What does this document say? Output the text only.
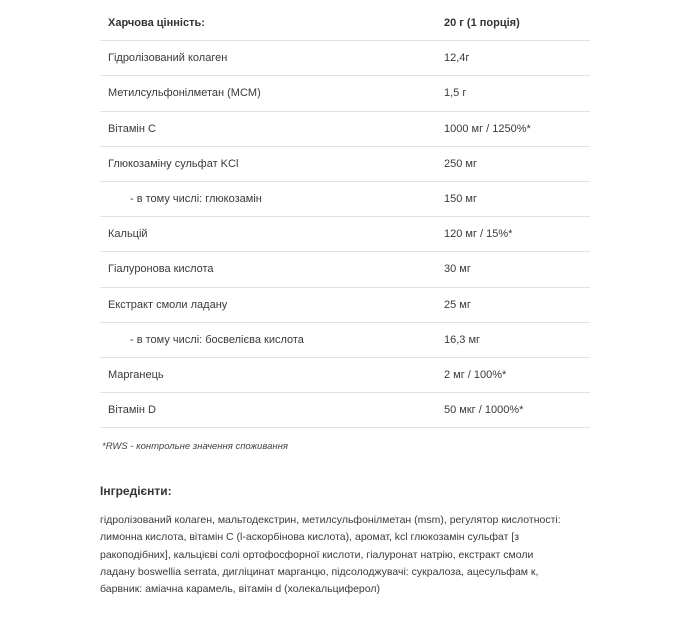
Харчова цінність:	20 г (1 порція)
Гідролізований колаген	12,4г
Метилсульфонілметан (MCM)	1,5 г
Вітамін С	1000 мг / 1250%*
Глюкозаміну сульфат KCl	250 мг
- в тому числі: глюкозамін	150 мг
Кальцій	120 мг / 15%*
Гіалуронова кислота	30 мг
Екстракт смоли ладану	25 мг
- в тому числі: босвелієва кислота	16,3 мг
Марганець	2 мг / 100%*
Вітамін D	50 мкг / 1000%*
*RWS - контрольне значення споживання
Інгредієнти:

гідролізований колаген, мальтодекстрин, метилсульфонілметан (msm), регулятор кислотності: лимонна кислота, вітамін С (l-аскорбінова кислота), аромат, kcl глюкозамін сульфат [з ракоподібних], кальцієві солі ортофосфорної кислоти, гіалуронат натрію, екстракт смоли ладану boswellia serrata, дигліцинат марганцю, підсолоджувачі: сукралоза, ацесульфам к, барвник: аміачна карамель, вітамін d (холекальциферол)
